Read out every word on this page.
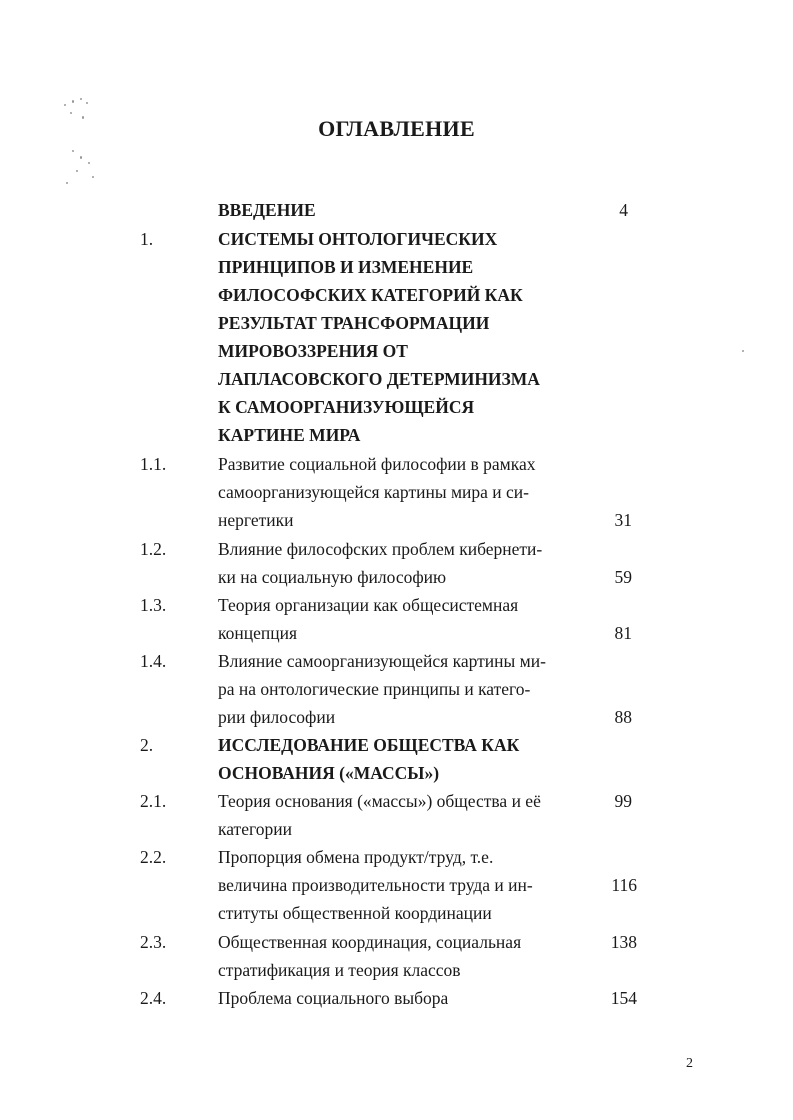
ОГЛАВЛЕНИЕ
ВВЕДЕНИЕ	4
1.	СИСТЕМЫ ОНТОЛОГИЧЕСКИХ
ПРИНЦИПОВ И ИЗМЕНЕНИЕ
ФИЛОСОФСКИХ КАТЕГОРИЙ КАК
РЕЗУЛЬТАТ ТРАНСФОРМАЦИИ
МИРОВОЗЗРЕНИЯ ОТ
ЛАПЛАСОВСКОГО ДЕТЕРМИНИЗМА
К САМООРГАНИЗУЮЩЕЙСЯ
КАРТИНЕ МИРА
1.1.	Развитие социальной философии в рамках
самоорганизующейся картины мира и си-
нергетики	31
1.2.	Влияние философских проблем кибернети-
ки на социальную философию	59
1.3.	Теория организации как общесистемная
концепция	81
1.4.	Влияние самоорганизующейся картины ми-
ра на онтологические принципы и катего-
рии философии	88
2.	ИССЛЕДОВАНИЕ ОБЩЕСТВА КАК
ОСНОВАНИЯ («МАССЫ»)
2.1.	Теория основания («массы») общества и её	99
категории
2.2.	Пропорция обмена продукт/труд, т.е.
величина производительности труда и ин-	116
ституты общественной координации
2.3.	Общественная координация, социальная	138
стратификация и теория классов
2.4.	Проблема социального выбора	154
2
